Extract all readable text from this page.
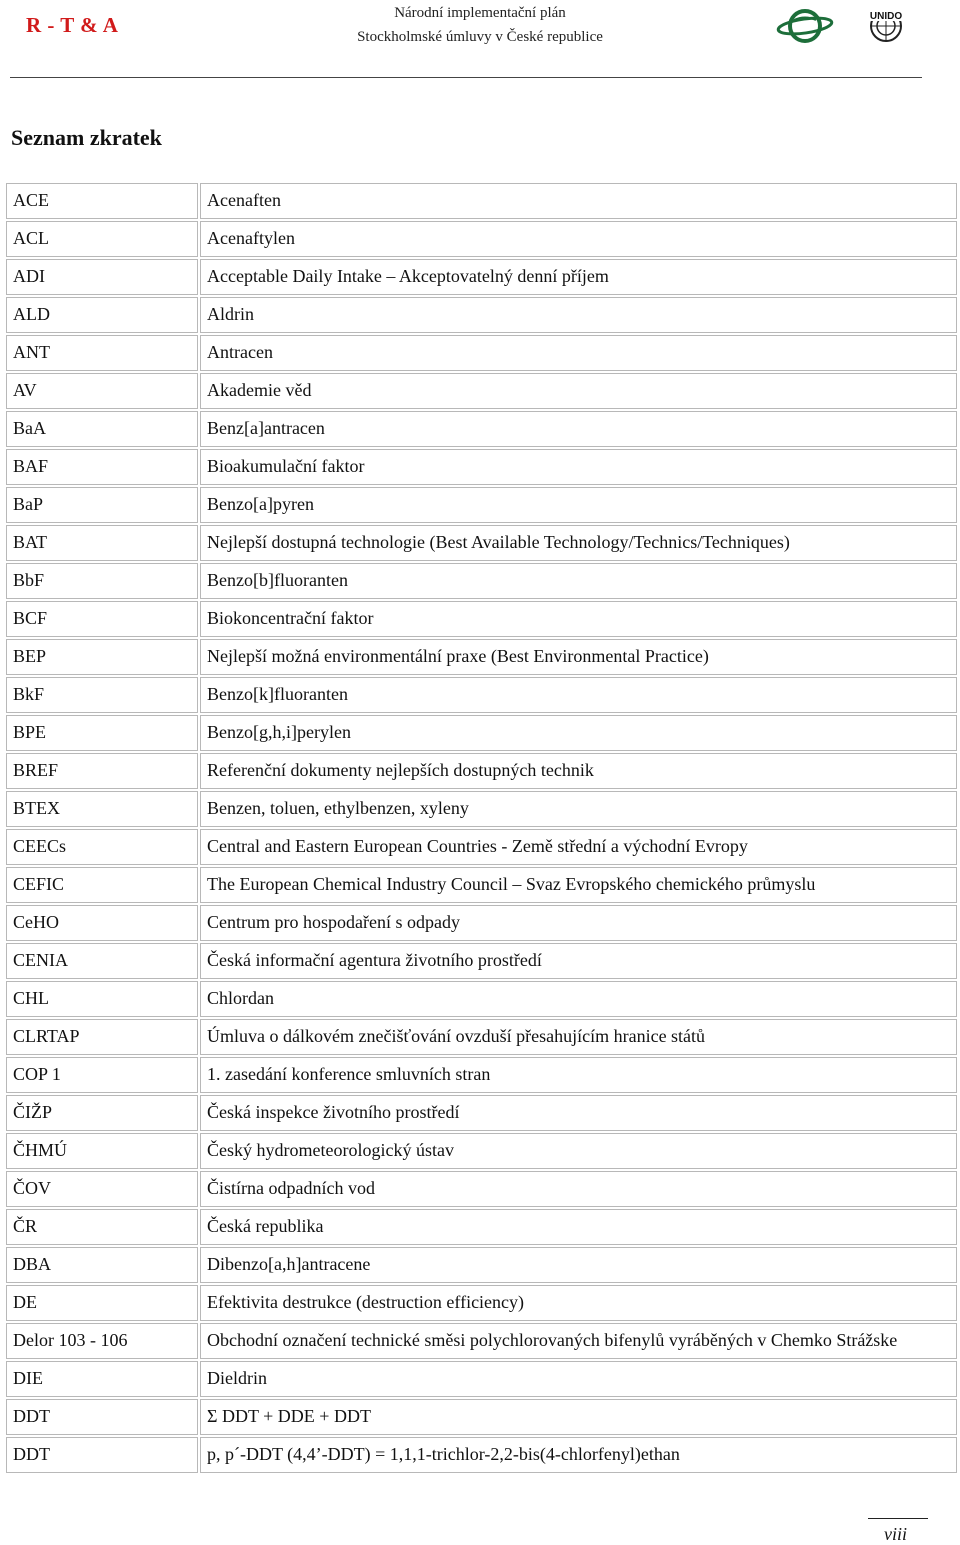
R - T & A	Národní implementační plán
Stockholmské úmluvy v České republice
UNIDO
Seznam zkratek
ACE	Acenaften
ACL	Acenaftylen
ADI	Acceptable Daily Intake – Akceptovatelný denní příjem
ALD	Aldrin
ANT	Antracen
AV	Akademie věd
BaA	Benz[a]antracen
BAF	Bioakumulační faktor
BaP	Benzo[a]pyren
BAT	Nejlepší dostupná technologie (Best Available Technology/Technics/Techniques)
BbF	Benzo[b]fluoranten
BCF	Biokoncentrační faktor
BEP	Nejlepší možná environmentální praxe (Best Environmental Practice)
BkF	Benzo[k]fluoranten
BPE	Benzo[g,h,i]perylen
BREF	Referenční dokumenty nejlepších dostupných technik
BTEX	Benzen, toluen, ethylbenzen, xyleny
CEECs	Central and Eastern European Countries - Země střední a východní Evropy
CEFIC	The European Chemical Industry Council – Svaz Evropského chemického průmyslu
CeHO	Centrum pro hospodaření s odpady
CENIA	Česká informační agentura životního prostředí
CHL	Chlordan
CLRTAP	Úmluva o dálkovém znečišťování ovzduší přesahujícím hranice států
COP 1	1. zasedání konference smluvních stran
ČIŽP	Česká inspekce životního prostředí
ČHMÚ	Český hydrometeorologický ústav
ČOV	Čistírna odpadních vod
ČR	Česká republika
DBA	Dibenzo[a,h]antracene
DE	Efektivita destrukce (destruction efficiency)
Delor 103 - 106	Obchodní označení technické směsi polychlorovaných bifenylů vyráběných v Chemko Strážske
DIE	Dieldrin
DDT	Σ DDT + DDE + DDT
DDT	p, p´-DDT (4,4’-DDT) = 1,1,1-trichlor-2,2-bis(4-chlorfenyl)ethan
viii
